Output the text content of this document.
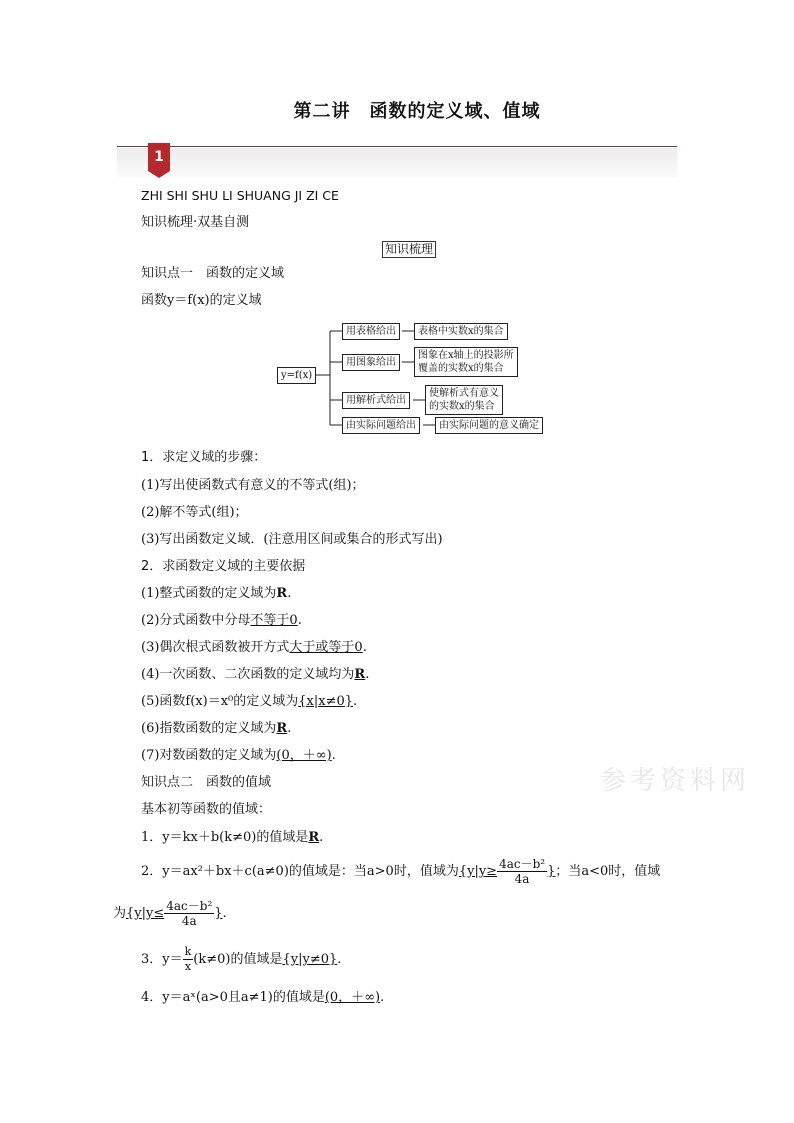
第二讲　函数的定义域、值域
1
ZHI SHI SHU LI SHUANG JI ZI CE
知识梳理·双基自测
知识梳理
知识点一　函数的定义域
函数y＝f(x)的定义域
y=f(x)
用表格给出	表格中实数x的集合
用图象给出
图象在x轴上的投影所
覆盖的实数x的集合
用解析式给出
使解析式有意义
的实数x的集合
由实际问题给出	由实际问题的意义确定
1．求定义域的步骤：
(1)写出使函数式有意义的不等式(组)；
(2)解不等式(组)；
(3)写出函数定义域．(注意用区间或集合的形式写出)
2．求函数定义域的主要依据
(1)整式函数的定义域为R.
(2)分式函数中分母不等于0.
(3)偶次根式函数被开方式大于或等于0.
(4)一次函数、二次函数的定义域均为R.
(5)函数f(x)＝x⁰的定义域为{x|x≠0}.
(6)指数函数的定义域为R.
(7)对数函数的定义域为(0，＋∞).
知识点二　函数的值域
基本初等函数的值域：
1．y＝kx＋b(k≠0)的值域是R.
2．y＝ax²＋bx＋c(a≠0)的值域是：当a>0时，值域为{$y|y\ge \frac{\text{4ac－b²}}{4a}$ }；当a<0时，值域
为{$y|y\le \frac{\text{4ac－b²}}{4a}$ }.
3．$y= \frac{k}{x} (k\ne 0)$的值域是{y|y≠0}.
4．y＝aˣ(a>0且a≠1)的值域是(0，＋∞).
参考资料网
